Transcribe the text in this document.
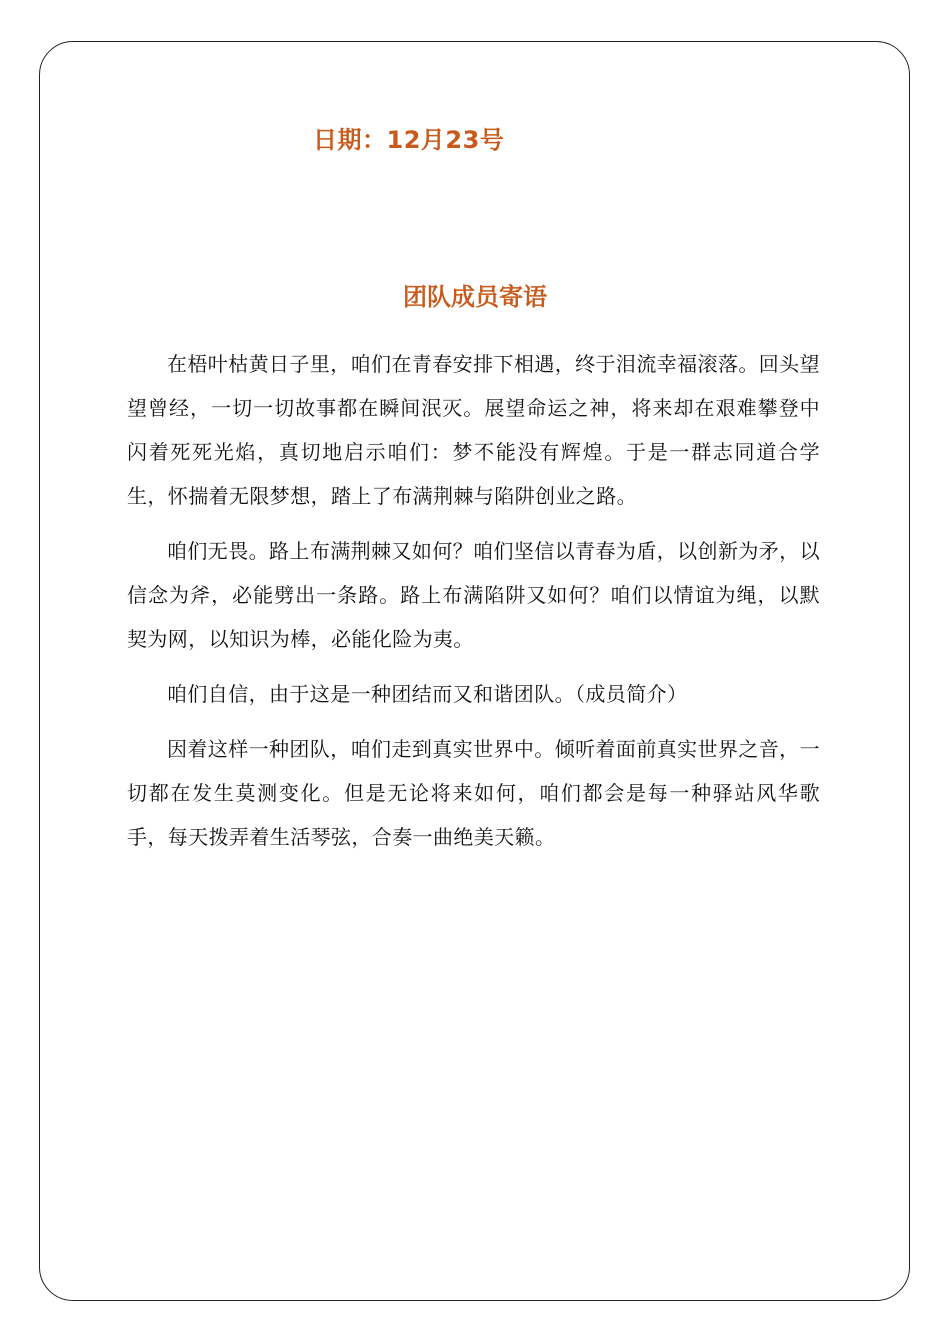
日期：12月23号
团队成员寄语

在梧叶枯黄日子里，咱们在青春安排下相遇，终于泪流幸福滚落。回头望望曾经，一切一切故事都在瞬间泯灭。展望命运之神，将来却在艰难攀登中闪着死死光焰，真切地启示咱们：梦不能没有辉煌。于是一群志同道合学生，怀揣着无限梦想，踏上了布满荆棘与陷阱创业之路。

咱们无畏。路上布满荆棘又如何？咱们坚信以青春为盾，以创新为矛，以信念为斧，必能劈出一条路。路上布满陷阱又如何？咱们以情谊为绳，以默契为网，以知识为棒，必能化险为夷。

咱们自信，由于这是一种团结而又和谐团队。（成员简介）

因着这样一种团队，咱们走到真实世界中。倾听着面前真实世界之音，一切都在发生莫测变化。但是无论将来如何，咱们都会是每一种驿站风华歌手，每天拨弄着生活琴弦，合奏一曲绝美天籁。
